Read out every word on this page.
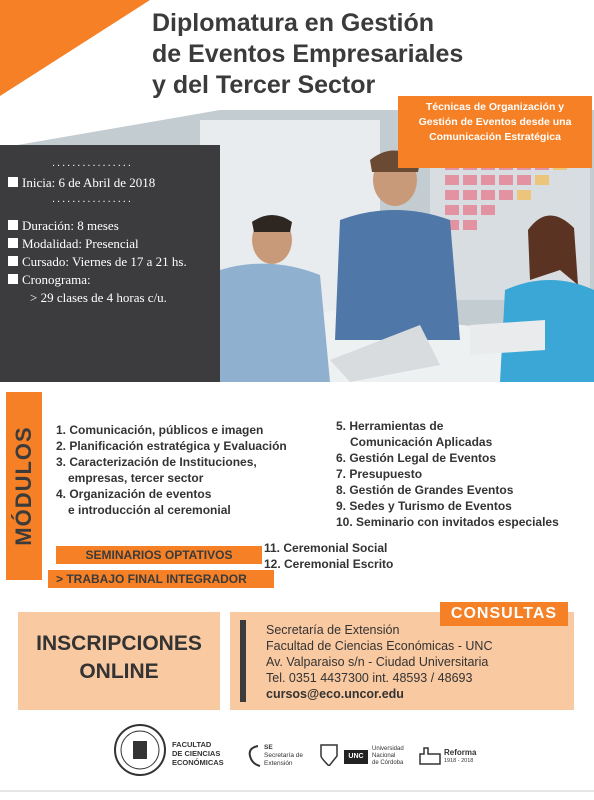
Diplomatura en Gestión
de Eventos Empresariales
y del Tercer Sector
................
Inicia: 6 de Abril de 2018
................
Duración: 8 meses
Modalidad: Presencial
Cursado: Viernes de 17 a 21 hs.
Cronograma:
> 29 clases de 4 horas c/u.
Técnicas de Organización y
Gestión de Eventos desde una
Comunicación Estratégica
MÓDULOS 1. Comunicación, públicos e imagen
2. Planificación estratégica y Evaluación
3. Caracterización de Instituciones,
empresas, tercer sector
4. Organización de eventos
e introducción al ceremonial
5. Herramientas de
Comunicación Aplicadas
6. Gestión Legal de Eventos
7. Presupuesto
8. Gestión de Grandes Eventos
9. Sedes y Turismo de Eventos
10. Seminario con invitados especiales
SEMINARIOS OPTATIVOS
> TRABAJO FINAL INTEGRADOR
11. Ceremonial Social
12. Ceremonial Escrito
INSCRIPCIONES
ONLINE
CONSULTAS
Secretaría de Extensión
Facultad de Ciencias Económicas - UNC
Av. Valparaiso s/n - Ciudad Universitaria
Tel. 0351 4437300 int. 48593 / 48693
cursos@eco.uncor.edu
FACULTAD
DE CIENCIAS
ECONÓMICAS
SE
Secretaría de
Extensión
UNC
Universidad
Nacional
de Córdoba
Reforma
1918 - 2018
